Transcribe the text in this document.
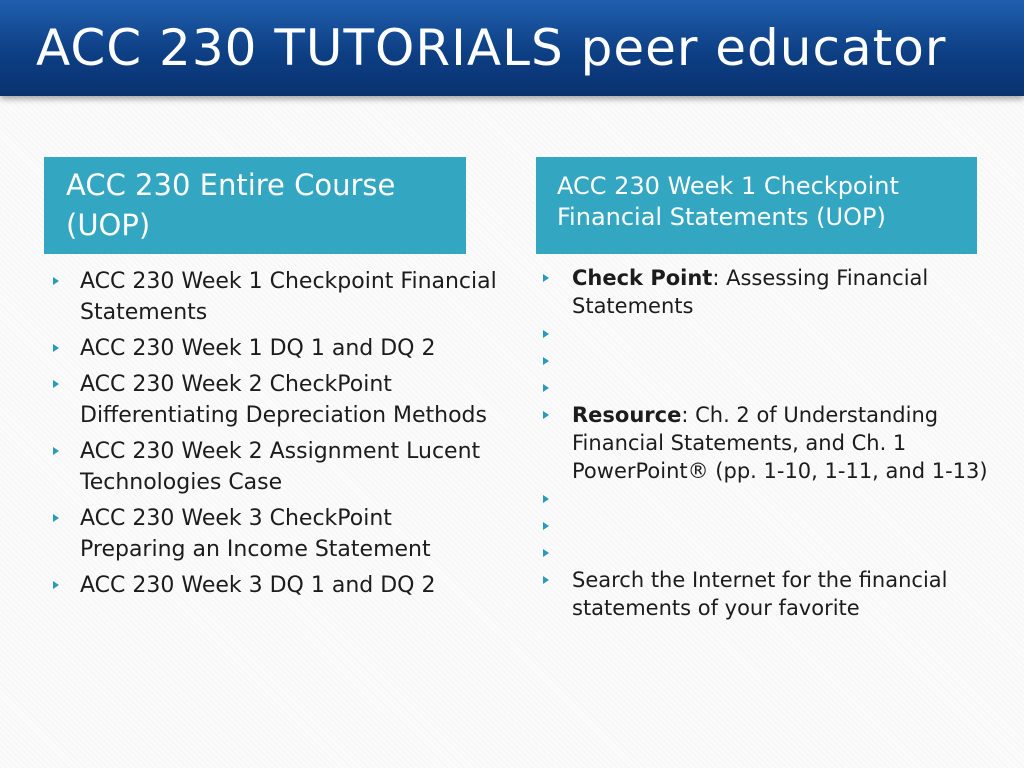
ACC 230 TUTORIALS peer educator
ACC 230 Entire Course (UOP)
ACC 230 Week 1 Checkpoint Financial Statements (UOP)
ACC 230 Week 1 Checkpoint Financial Statements
ACC 230 Week 1 DQ 1 and DQ 2
ACC 230 Week 2 CheckPoint Differentiating Depreciation Methods
ACC 230 Week 2 Assignment Lucent Technologies Case
ACC 230 Week 3 CheckPoint Preparing an Income Statement
ACC 230 Week 3 DQ 1 and DQ 2
Check Point: Assessing Financial Statements
Resource: Ch. 2 of Understanding Financial Statements, and Ch. 1 PowerPoint® (pp. 1-10, 1-11, and 1-13)
Search the Internet for the financial statements of your favorite
